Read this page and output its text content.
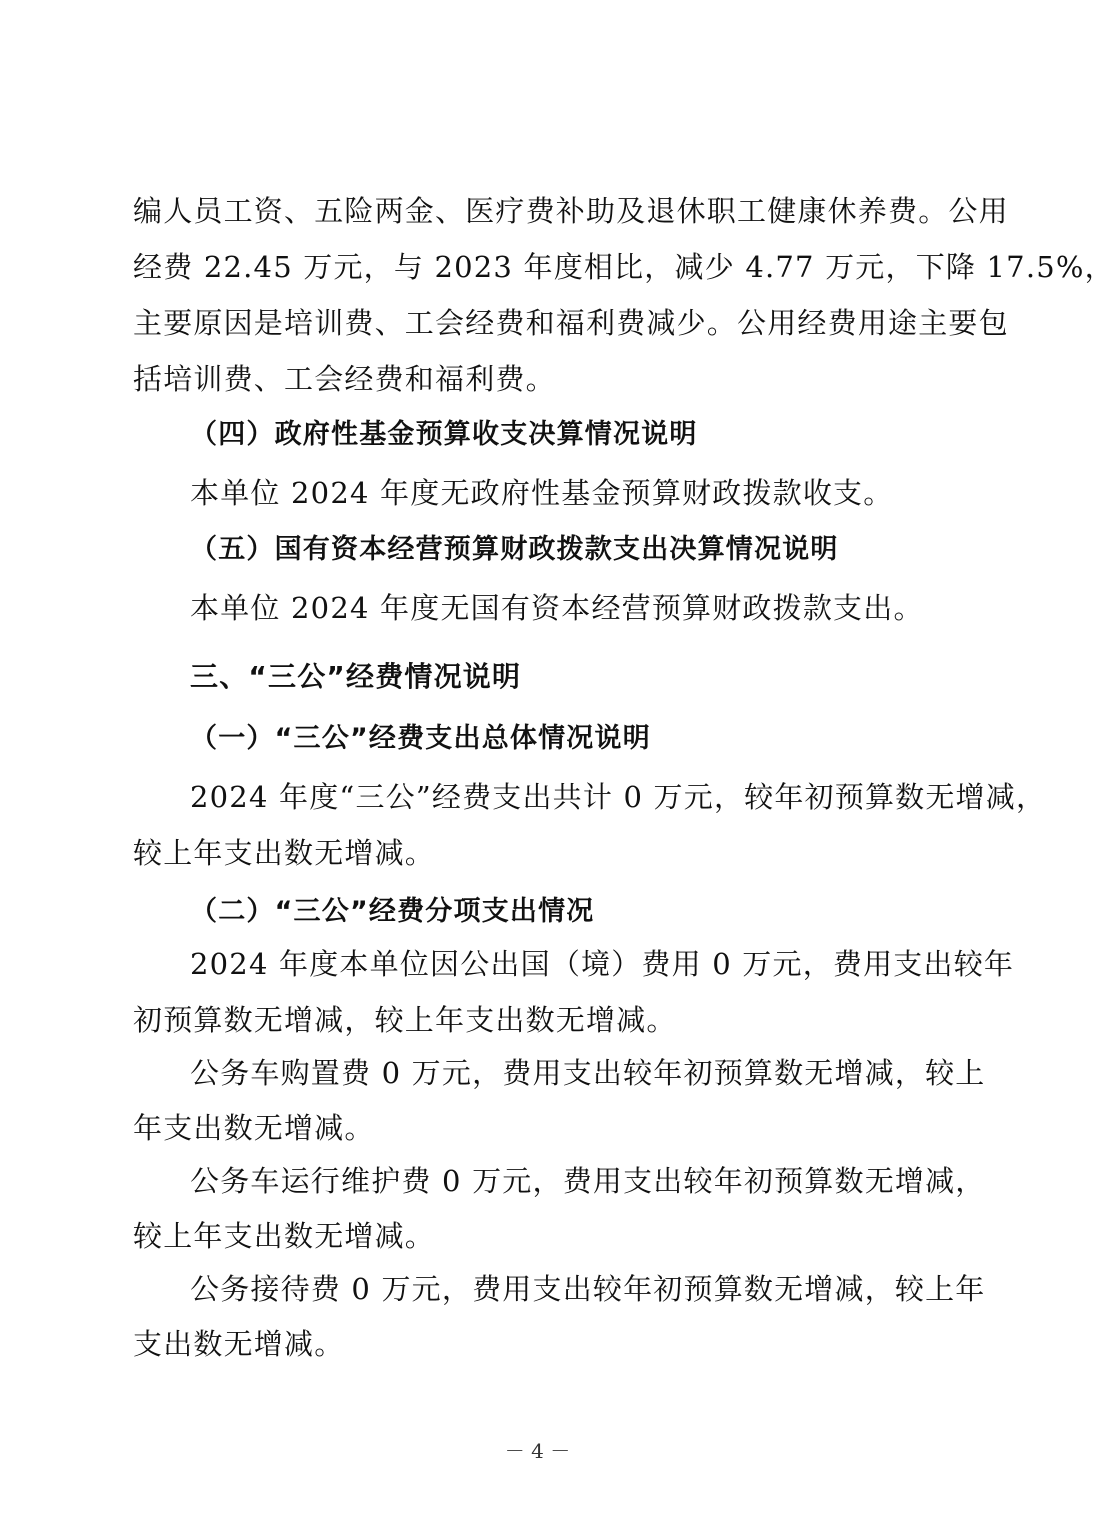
编人员工资、五险两金、医疗费补助及退休职工健康休养费。公用
经费 22.45 万元，与 2023 年度相比，减少 4.77 万元，下降 17.5%，
主要原因是培训费、工会经费和福利费减少。公用经费用途主要包
括培训费、工会经费和福利费。
（四）政府性基金预算收支决算情况说明
本单位 2024 年度无政府性基金预算财政拨款收支。
（五）国有资本经营预算财政拨款支出决算情况说明
本单位 2024 年度无国有资本经营预算财政拨款支出。
三、“三公”经费情况说明
（一）“三公”经费支出总体情况说明
2024 年度“三公”经费支出共计 0 万元，较年初预算数无增减，
较上年支出数无增减。
（二）“三公”经费分项支出情况
2024 年度本单位因公出国（境）费用 0 万元，费用支出较年
初预算数无增减，较上年支出数无增减。
公务车购置费 0 万元，费用支出较年初预算数无增减，较上
年支出数无增减。
公务车运行维护费 0 万元，费用支出较年初预算数无增减，
较上年支出数无增减。
公务接待费 0 万元，费用支出较年初预算数无增减，较上年
支出数无增减。
－ 4 －
